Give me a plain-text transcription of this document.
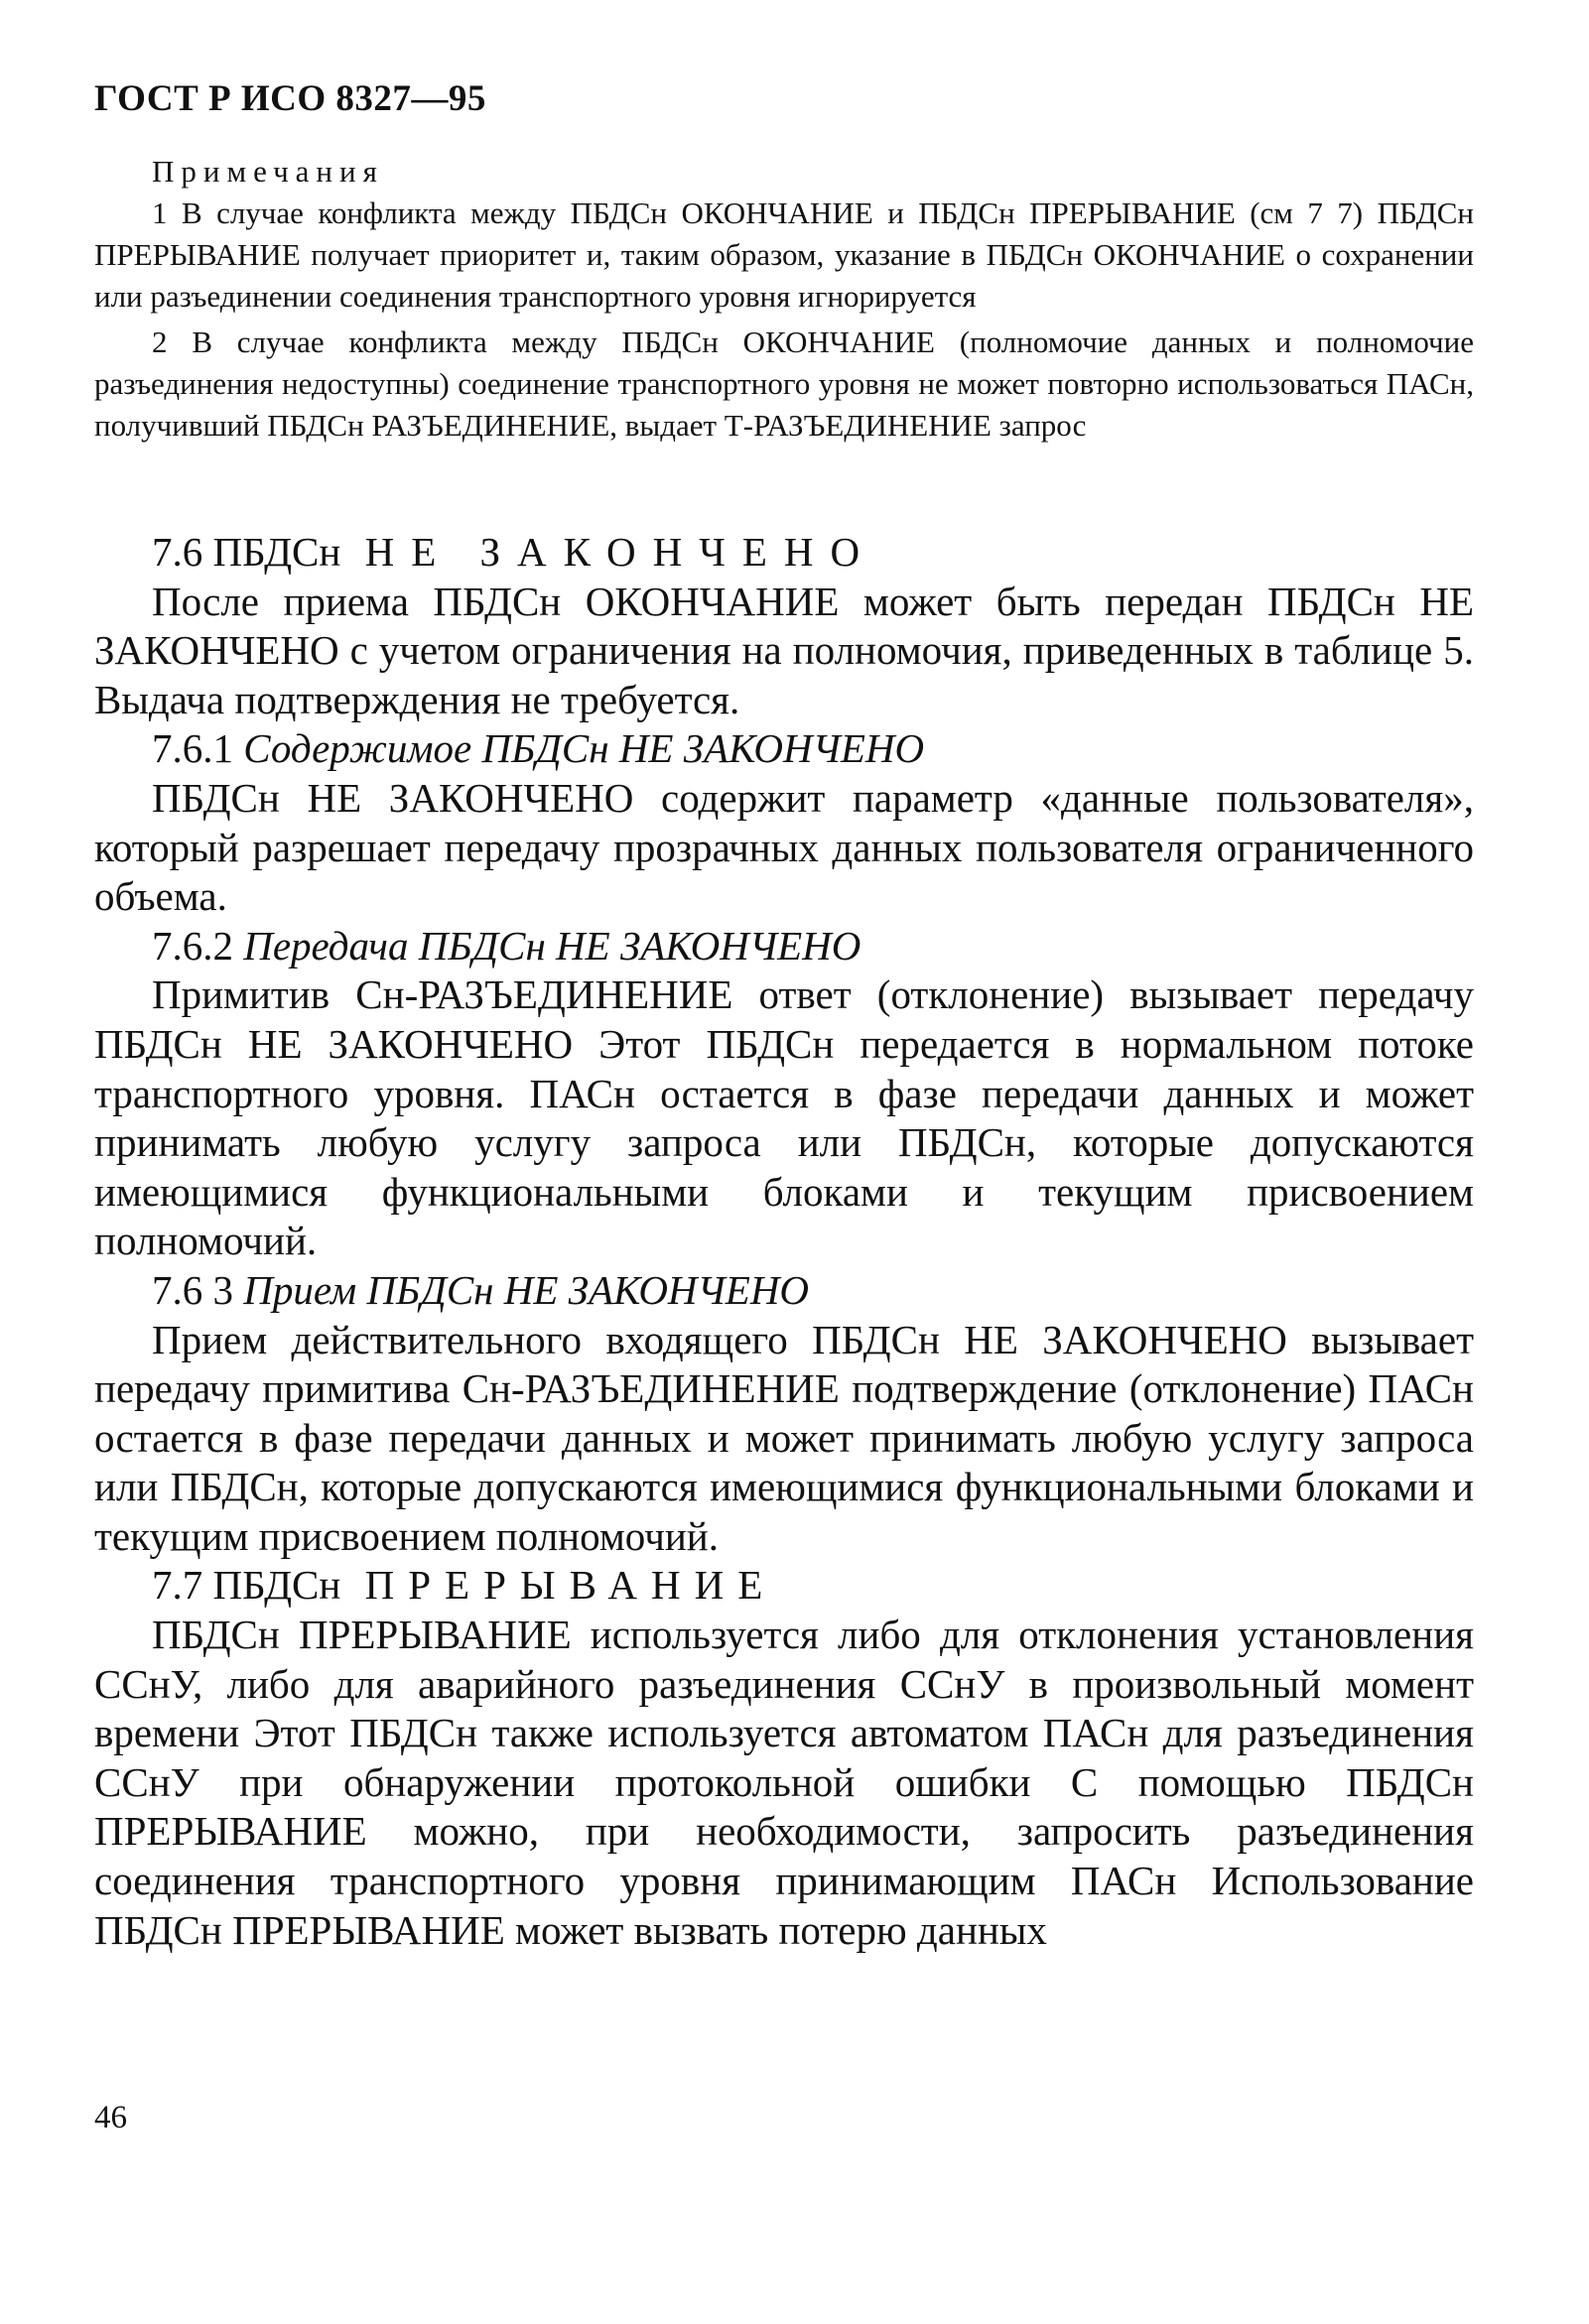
ГОСТ Р ИСО 8327—95
Примечания
1 В случае конфликта между ПБДСн ОКОНЧАНИЕ и ПБДСн ПРЕРЫВАНИЕ (см 7 7) ПБДСн ПРЕРЫВАНИЕ получает приоритет и, таким образом, указание в ПБДСн ОКОНЧАНИЕ о сохранении или разъединении соединения транспортного уровня игнорируется
2 В случае конфликта между ПБДСн ОКОНЧАНИЕ (полномочие данных и полномочие разъединения недоступны) соединение транспортного уровня не может повторно использоваться ПАСн, получивший ПБДСн РАЗЪЕДИНЕНИЕ, выдает Т-РАЗЪЕДИНЕНИЕ запрос
7.6 ПБДСн НЕ ЗАКОНЧЕНО

После приема ПБДСн ОКОНЧАНИЕ может быть передан ПБДСн НЕ ЗАКОНЧЕНО с учетом ограничения на полномочия, приведенных в таблице 5. Выдача подтверждения не требуется.

7.6.1 Содержимое ПБДСн НЕ ЗАКОНЧЕНО

ПБДСн НЕ ЗАКОНЧЕНО содержит параметр «данные пользователя», который разрешает передачу прозрачных данных пользователя ограниченного объема.

7.6.2 Передача ПБДСн НЕ ЗАКОНЧЕНО

Примитив Сн-РАЗЪЕДИНЕНИЕ ответ (отклонение) вызывает передачу ПБДСн НЕ ЗАКОНЧЕНО Этот ПБДСн передается в нормальном потоке транспортного уровня. ПАСн остается в фазе передачи данных и может принимать любую услугу запроса или ПБДСн, которые допускаются имеющимися функциональными блоками и текущим присвоением полномочий.

7.6 3 Прием ПБДСн НЕ ЗАКОНЧЕНО

Прием действительного входящего ПБДСн НЕ ЗАКОНЧЕНО вызывает передачу примитива Сн-РАЗЪЕДИНЕНИЕ подтверждение (отклонение) ПАСн остается в фазе передачи данных и может принимать любую услугу запроса или ПБДСн, которые допускаются имеющимися функциональными блоками и текущим присвоением полномочий.

7.7 ПБДСн ПРЕРЫВАНИЕ

ПБДСн ПРЕРЫВАНИЕ используется либо для отклонения установления ССнУ, либо для аварийного разъединения ССнУ в произвольный момент времени Этот ПБДСн также используется автоматом ПАСн для разъединения ССнУ при обнаружении протокольной ошибки С помощью ПБДСн ПРЕРЫВАНИЕ можно, при необходимости, запросить разъединения соединения транспортного уровня принимающим ПАСн Использование ПБДСн ПРЕРЫВАНИЕ может вызвать потерю данных

46
